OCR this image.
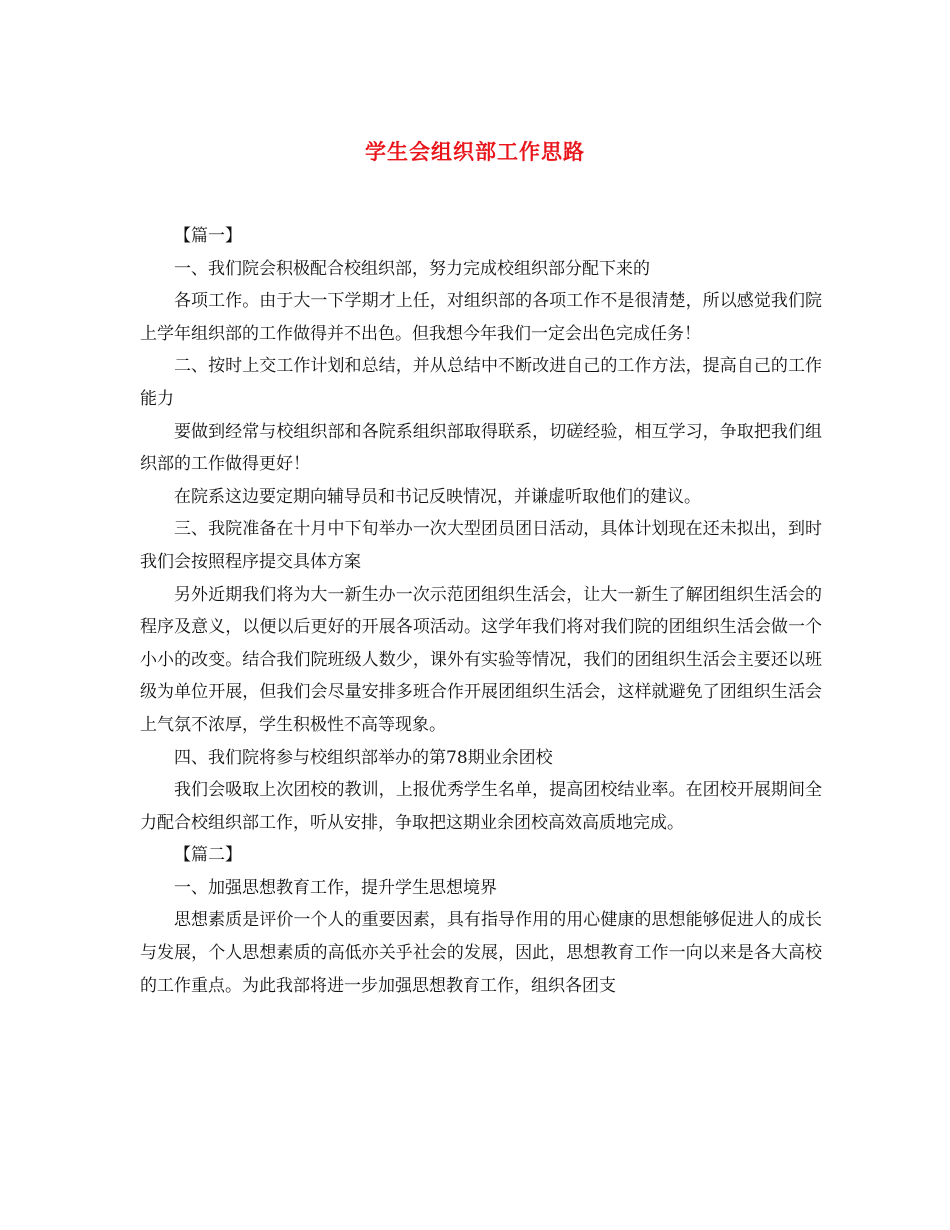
学生会组织部工作思路

【篇一】

一、我们院会积极配合校组织部，努力完成校组织部分配下来的

各项工作。由于大一下学期才上任，对组织部的各项工作不是很清楚，所以感觉我们院上学年组织部的工作做得并不出色。但我想今年我们一定会出色完成任务！

二、按时上交工作计划和总结，并从总结中不断改进自己的工作方法，提高自己的工作能力

要做到经常与校组织部和各院系组织部取得联系，切磋经验，相互学习，争取把我们组织部的工作做得更好！

在院系这边要定期向辅导员和书记反映情况，并谦虚听取他们的建议。

三、我院准备在十月中下旬举办一次大型团员团日活动，具体计划现在还未拟出，到时我们会按照程序提交具体方案

另外近期我们将为大一新生办一次示范团组织生活会，让大一新生了解团组织生活会的程序及意义，以便以后更好的开展各项活动。这学年我们将对我们院的团组织生活会做一个小小的改变。结合我们院班级人数少，课外有实验等情况，我们的团组织生活会主要还以班级为单位开展，但我们会尽量安排多班合作开展团组织生活会，这样就避免了团组织生活会上气氛不浓厚，学生积极性不高等现象。

四、我们院将参与校组织部举办的第78期业余团校

我们会吸取上次团校的教训，上报优秀学生名单，提高团校结业率。在团校开展期间全力配合校组织部工作，听从安排，争取把这期业余团校高效高质地完成。

【篇二】

一、加强思想教育工作，提升学生思想境界

思想素质是评价一个人的重要因素，具有指导作用的用心健康的思想能够促进人的成长与发展，个人思想素质的高低亦关乎社会的发展，因此，思想教育工作一向以来是各大高校的工作重点。为此我部将进一步加强思想教育工作，组织各团支
